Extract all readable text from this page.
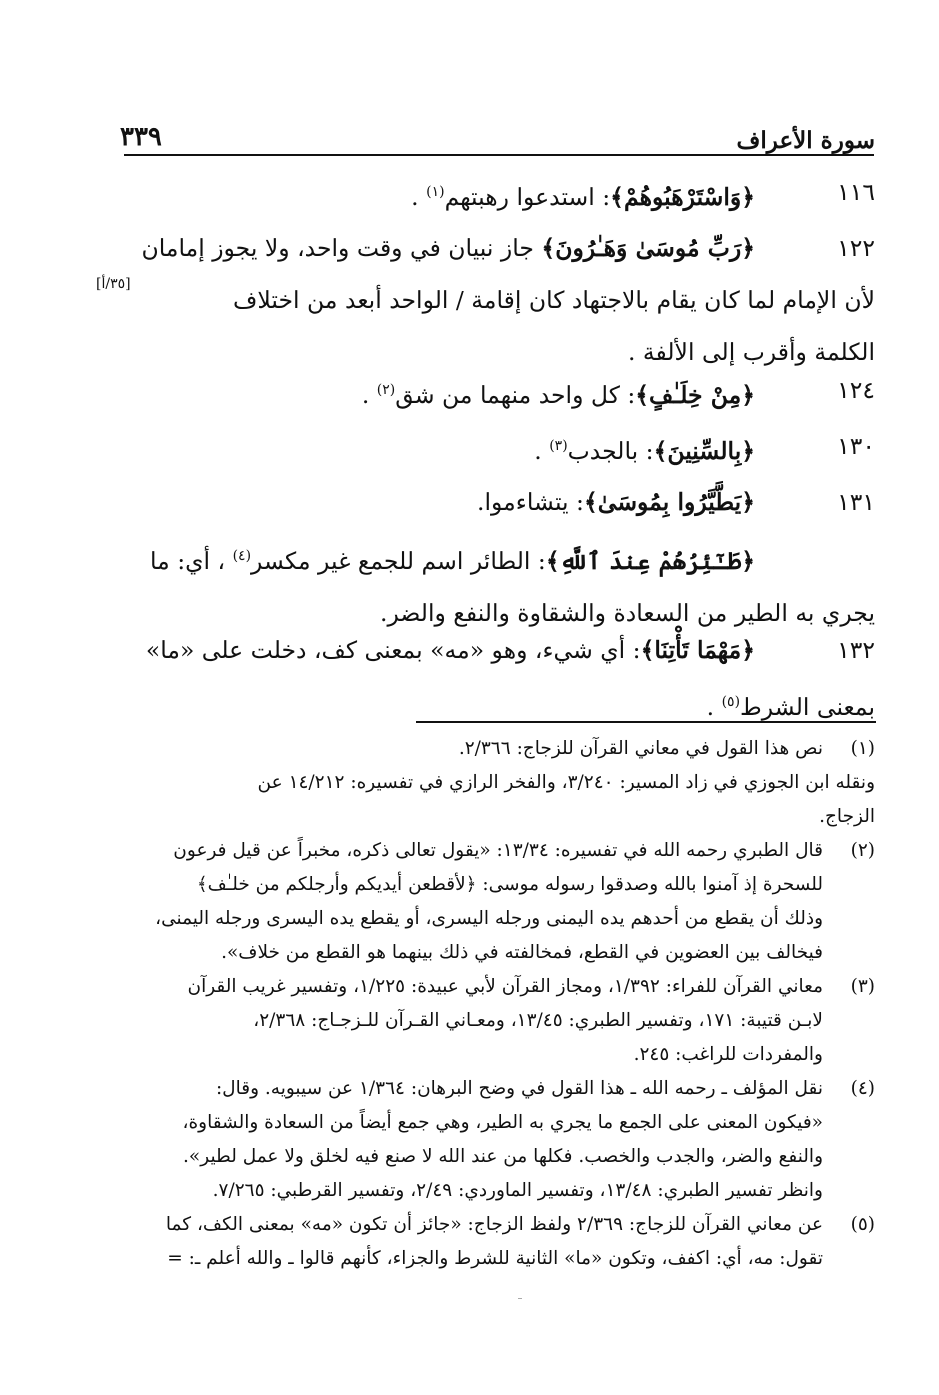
سورة الأعراف
٣٣٩
١١٦
﴿وَاسْتَرْهَبُوهُمْ﴾: استدعوا رهبتهم$^{(١)}$ .
١٢٢
﴿رَبِّ مُوسَىٰ وَهَـٰرُونَ﴾ جاز نبيان في وقت واحد، ولا يجوز إمامان
لأن الإمام لما كان يقام بالاجتهاد كان إقامة / الواحد أبعد من اختلاف
الكلمة وأقرب إلى الألفة .
[٣٥/أ]
١٢٤
﴿مِنْ خِلَـٰفٍ﴾: كل واحد منهما من شق$^{(٢)}$ .
١٣٠
﴿بِالسِّنِينَ﴾: بالجدب$^{(٣)}$ .
١٣١
﴿يَطَّيَّرُوا بِمُوسَىٰ﴾: يتشاءموا.
﴿طَـٰٓئِرُهُمْ عِندَ ٱللَّهِ﴾: الطائر اسم للجمع غير مكسر$^{(٤)}$ ، أي: ما
يجري به الطير من السعادة والشقاوة والنفع والضر.
١٣٢
﴿مَهْمَا تَأْتِنَا﴾: أي شيء، وهو «مه» بمعنى كف، دخلت على «ما»
بمعنى الشرط$^{(٥)}$ .
(١)
نص هذا القول في معاني القرآن للزجاج: ٢/٣٦٦.
ونقله ابن الجوزي في زاد المسير: ٣/٢٤٠، والفخر الرازي في تفسيره: ١٤/٢١٢ عن
الزجاج.
(٢)
قال الطبري رحمه الله في تفسيره: ١٣/٣٤: «يقول تعالى ذكره، مخبراً عن قيل فرعون
للسحرة إذ آمنوا بالله وصدقوا رسوله موسى: ﴿لأقطعن أيديكم وأرجلكم من خلـٰف﴾
وذلك أن يقطع من أحدهم يده اليمنى ورجله اليسرى، أو يقطع يده اليسرى ورجله اليمنى،
فيخالف بين العضوين في القطع، فمخالفته في ذلك بينهما هو القطع من خلاف».
(٣)
معاني القرآن للفراء: ١/٣٩٢، ومجاز القرآن لأبي عبيدة: ١/٢٢٥، وتفسير غريب القرآن
لابـن قتيبة: ١٧١، وتفسير الطبري: ١٣/٤٥، ومعـاني القـرآن للـزجـاج: ٢/٣٦٨،
والمفردات للراغب: ٢٤٥.
(٤)
نقل المؤلف ـ رحمه الله ـ هذا القول في وضح البرهان: ١/٣٦٤ عن سيبويه. وقال:
«فيكون المعنى على الجمع ما يجري به الطير، وهي جمع أيضاً من السعادة والشقاوة،
والنفع والضر، والجدب والخصب. فكلها من عند الله لا صنع فيه لخلق ولا عمل لطير».
وانظر تفسير الطبري: ١٣/٤٨، وتفسير الماوردي: ٢/٤٩، وتفسير القرطبي: ٧/٢٦٥.
(٥)
عن معاني القرآن للزجاج: ٢/٣٦٩ ولفظ الزجاج: «جائز أن تكون «مه» بمعنى الكف، كما
تقول: مه، أي: اكفف، وتكون «ما» الثانية للشرط والجزاء، كأنهم قالوا ـ والله أعلم ـ: =
